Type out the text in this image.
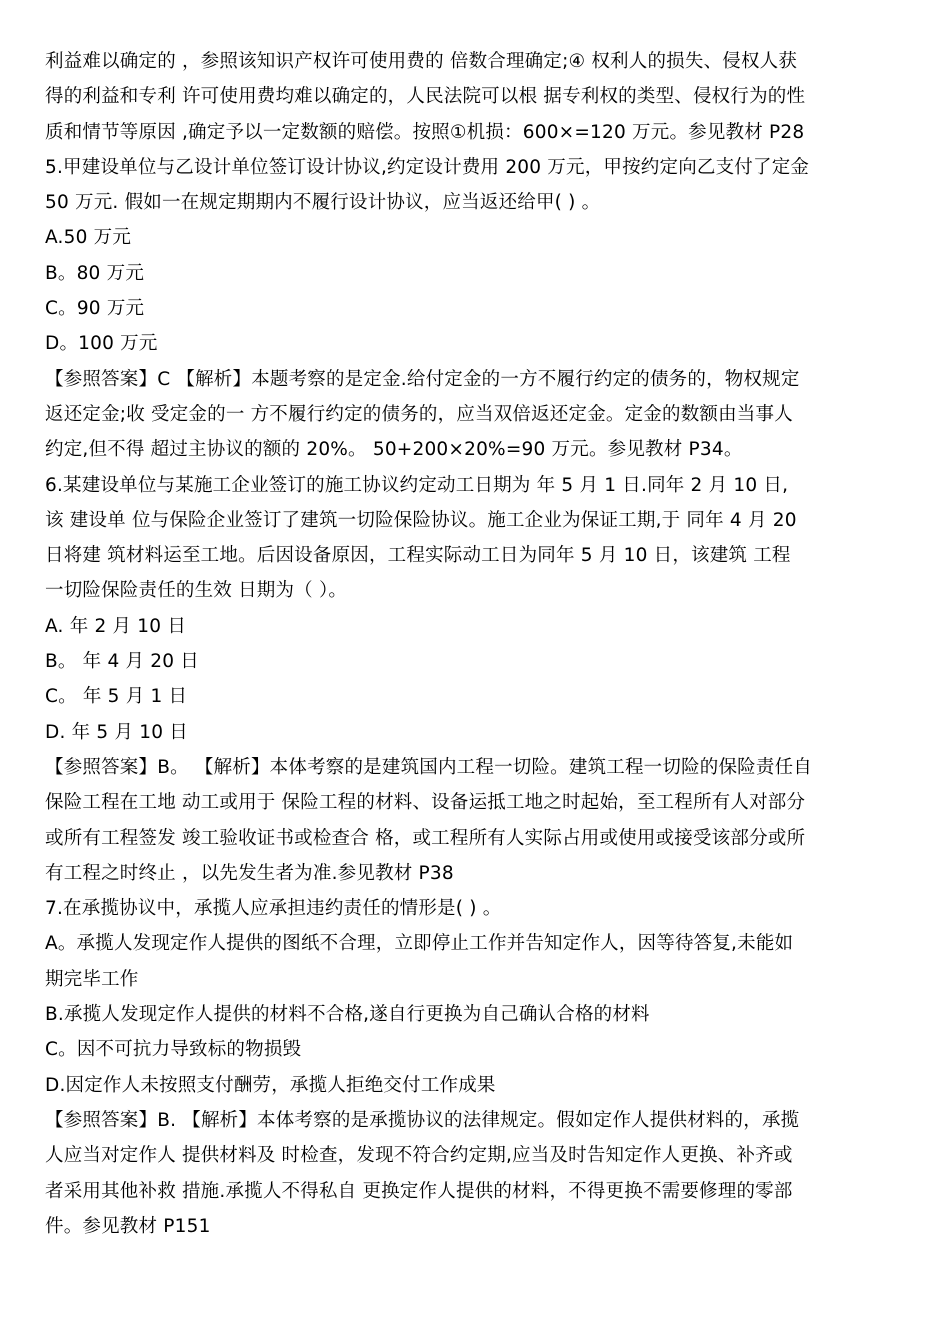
利益难以确定的 ，参照该知识产权许可使用费的 倍数合理确定;④ 权利人的损失、侵权人获
得的利益和专利 许可使用费均难以确定的，人民法院可以根 据专利权的类型、侵权行为的性
质和情节等原因 ,确定予以一定数额的赔偿。按照①机损：600×=120 万元。参见教材 P28
5.甲建设单位与乙设计单位签订设计协议,约定设计费用 200 万元，甲按约定向乙支付了定金
50 万元. 假如一在规定期期内不履行设计协议，应当返还给甲( ) 。
A.50 万元
B。80 万元
C。90 万元
D。100 万元
【参照答案】C 【解析】本题考察的是定金.给付定金的一方不履行约定的债务的，物权规定
返还定金;收 受定金的一 方不履行约定的债务的，应当双倍返还定金。定金的数额由当事人
约定,但不得 超过主协议的额的 20%。 50+200×20%=90 万元。参见教材 P34。
6.某建设单位与某施工企业签订的施工协议约定动工日期为 年 5 月 1 日.同年 2 月 10 日,
该 建设单 位与保险企业签订了建筑一切险保险协议。施工企业为保证工期,于 同年 4 月 20
日将建 筑材料运至工地。后因设备原因，工程实际动工日为同年 5 月 10 日，该建筑 工程
一切险保险责任的生效 日期为（ ）。
A. 年 2 月 10 日
B。 年 4 月 20 日
C。 年 5 月 1 日
D. 年 5 月 10 日
【参照答案】B。 【解析】本体考察的是建筑国内工程一切险。建筑工程一切险的保险责任自
保险工程在工地 动工或用于 保险工程的材料、设备运抵工地之时起始，至工程所有人对部分
或所有工程签发 竣工验收证书或检查合 格，或工程所有人实际占用或使用或接受该部分或所
有工程之时终止 ，以先发生者为准.参见教材 P38
7.在承揽协议中，承揽人应承担违约责任的情形是( ) 。
A。承揽人发现定作人提供的图纸不合理，立即停止工作并告知定作人，因等待答复,未能如
期完毕工作
B.承揽人发现定作人提供的材料不合格,遂自行更换为自己确认合格的材料
C。因不可抗力导致标的物损毁
D.因定作人未按照支付酬劳，承揽人拒绝交付工作成果
【参照答案】B. 【解析】本体考察的是承揽协议的法律规定。假如定作人提供材料的，承揽
人应当对定作人 提供材料及 时检查，发现不符合约定期,应当及时告知定作人更换、补齐或
者采用其他补救 措施.承揽人不得私自 更换定作人提供的材料，不得更换不需要修理的零部
件。参见教材 P151
